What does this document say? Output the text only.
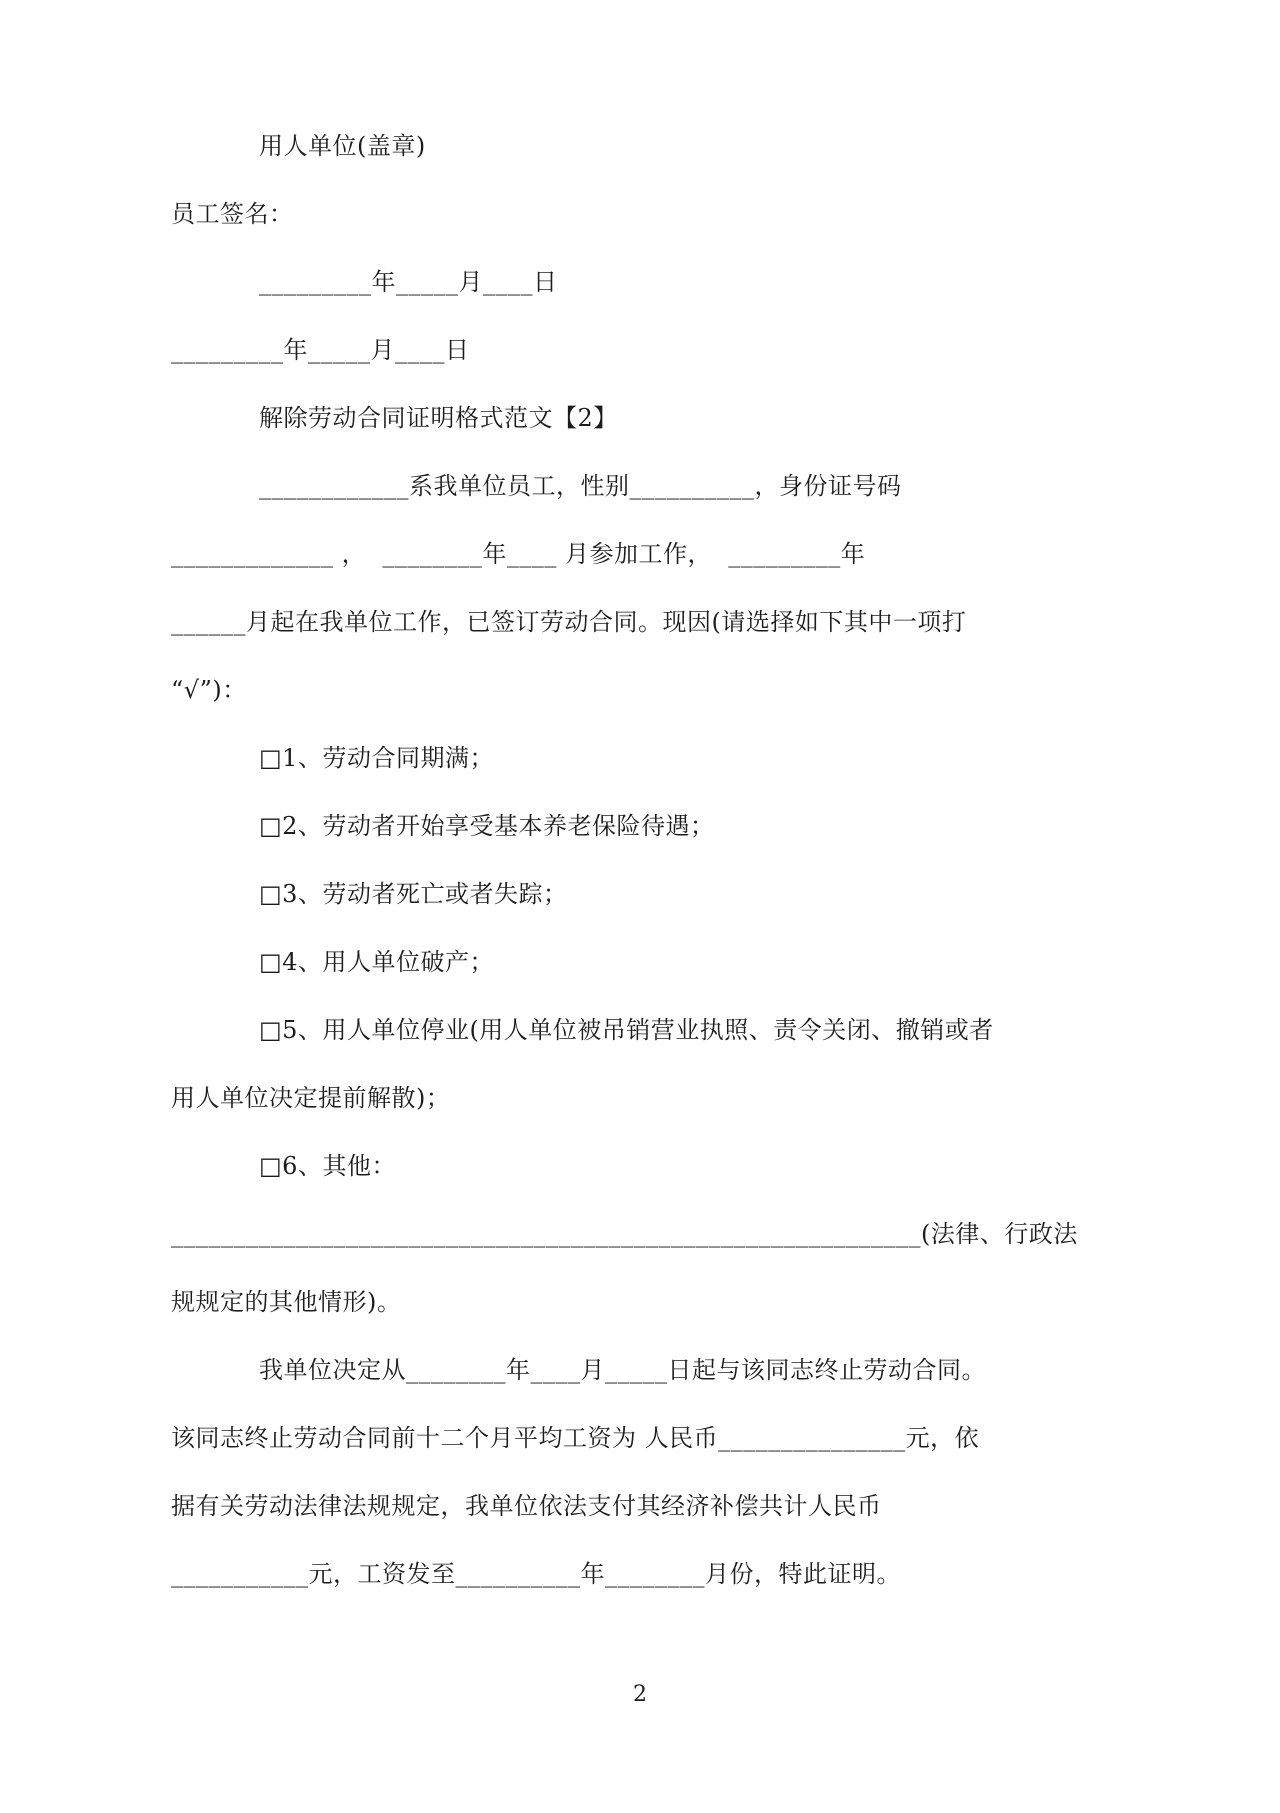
用人单位(盖章)
员工签名：
_________年_____月____日
_________年_____月____日
解除劳动合同证明格式范文【2】
____________系我单位员工，性别__________，身份证号码
_____________ ，  ________年____ 月参加工作，  _________年
______月起在我单位工作，已签订劳动合同。现因(请选择如下其中一项打
“√”)：
□1、劳动合同期满；
□2、劳动者开始享受基本养老保险待遇；
□3、劳动者死亡或者失踪；
□4、用人单位破产；
□5、用人单位停业(用人单位被吊销营业执照、责令关闭、撤销或者
用人单位决定提前解散)；
□6、其他：
____________________________________________________________(法律、行政法
规规定的其他情形)。
我单位决定从________年____月_____日起与该同志终止劳动合同。
该同志终止劳动合同前十二个月平均工资为 人民币_______________元，依
据有关劳动法律法规规定，我单位依法支付其经济补偿共计人民币
___________元，工资发至__________年________月份，特此证明。
2
